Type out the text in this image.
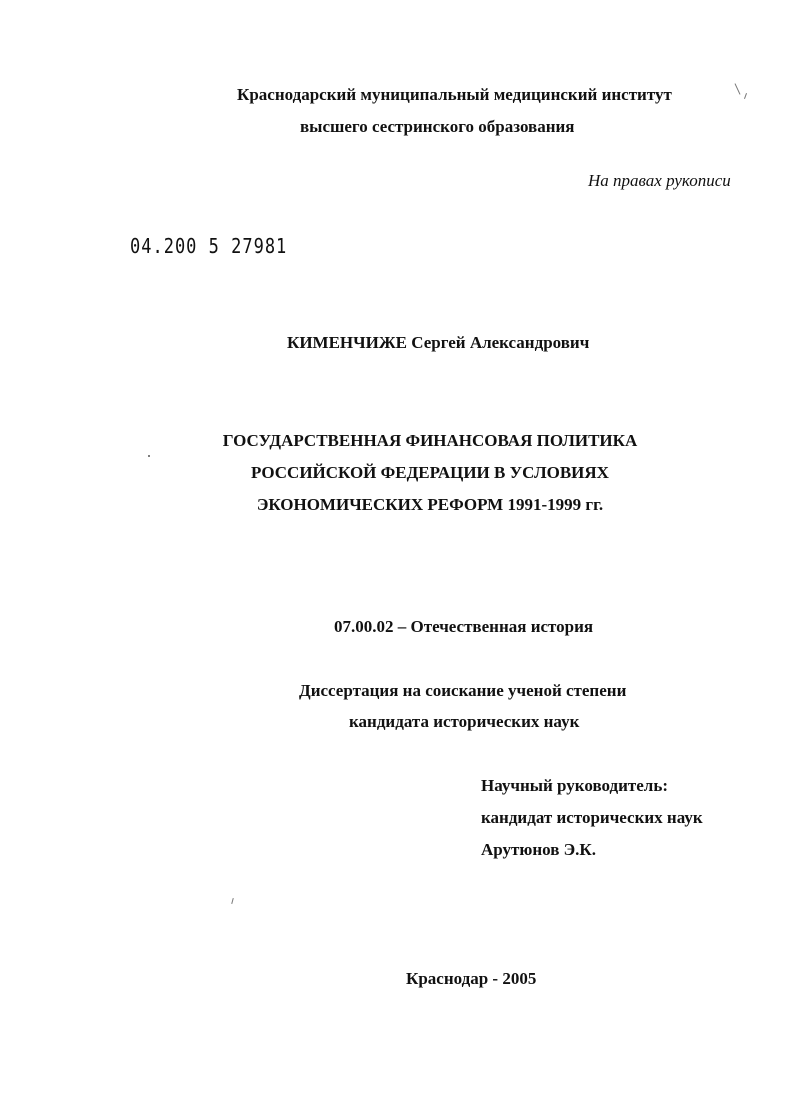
Краснодарский муниципальный медицинский институт
высшего сестринского образования
На правах рукописи
04.200 5 27981
КИМЕНЧИЖЕ Сергей Александрович
ГОСУДАРСТВЕННАЯ ФИНАНСОВАЯ ПОЛИТИКА
РОССИЙСКОЙ ФЕДЕРАЦИИ В УСЛОВИЯХ
ЭКОНОМИЧЕСКИХ РЕФОРМ 1991-1999 гг.
07.00.02 – Отечественная история
Диссертация на соискание ученой степени
кандидата исторических наук
Научный руководитель:
кандидат исторических наук
Арутюнов Э.К.
Краснодар - 2005
